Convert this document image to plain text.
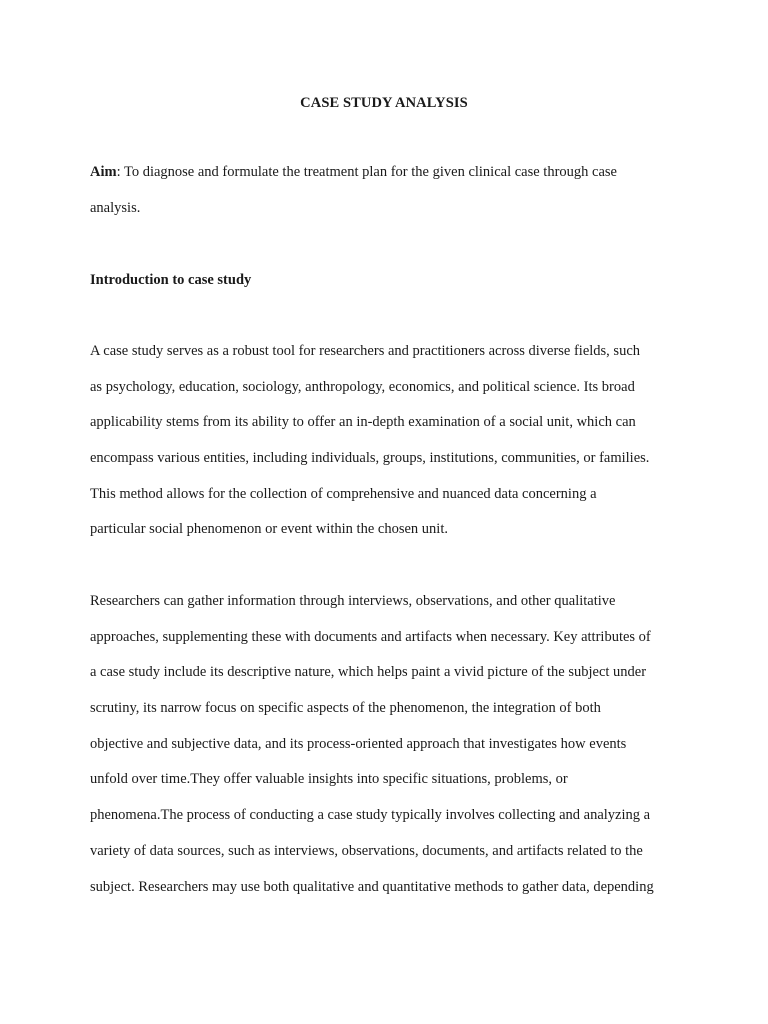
CASE STUDY ANALYSIS
Aim: To diagnose and formulate the treatment plan for the given clinical case through case
analysis.
Introduction to case study
A case study serves as a robust tool for researchers and practitioners across diverse fields, such
as psychology, education, sociology, anthropology, economics, and political science. Its broad
applicability stems from its ability to offer an in-depth examination of a social unit, which can
encompass various entities, including individuals, groups, institutions, communities, or families.
This method allows for the collection of comprehensive and nuanced data concerning a
particular social phenomenon or event within the chosen unit.
Researchers can gather information through interviews, observations, and other qualitative
approaches, supplementing these with documents and artifacts when necessary. Key attributes of
a case study include its descriptive nature, which helps paint a vivid picture of the subject under
scrutiny, its narrow focus on specific aspects of the phenomenon, the integration of both
objective and subjective data, and its process-oriented approach that investigates how events
unfold over time.They offer valuable insights into specific situations, problems, or
phenomena.The process of conducting a case study typically involves collecting and analyzing a
variety of data sources, such as interviews, observations, documents, and artifacts related to the
subject. Researchers may use both qualitative and quantitative methods to gather data, depending
